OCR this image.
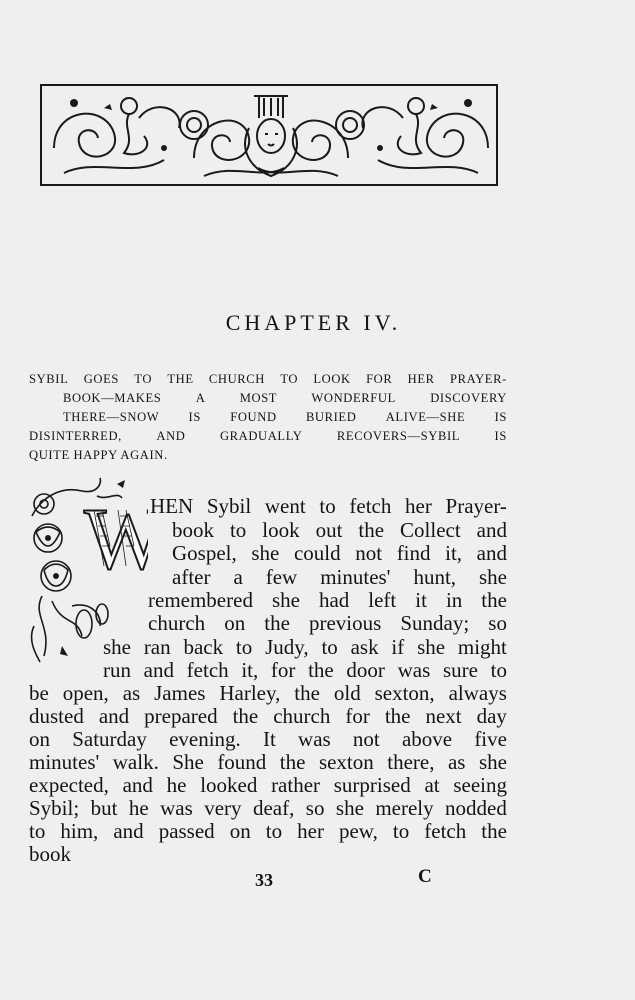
CHAPTER IV.
SYBIL GOES TO THE CHURCH TO LOOK FOR HER PRAYER-
BOOK—MAKES	A	MOST	WONDERFUL	DISCOVERY
THERE—SNOW IS FOUND BURIED ALIVE—SHE IS
DISINTERRED,	AND	GRADUALLY	RECOVERS—SYBIL	IS
QUITE HAPPY AGAIN.
W
HEN Sybil went to fetch her Prayer-
book to look out the Collect and
Gospel, she could not find it, and
after a few minutes' hunt, she
remembered she had left it in the
church on the previous Sunday; so
she ran back to Judy, to ask if she might
run and fetch it, for the door was sure to
be open, as James Harley, the old sexton, always
dusted and prepared the church for the next day
on Saturday evening. It was not above five
minutes' walk. She found the sexton there, as she
expected, and he looked rather surprised at seeing
Sybil; but he was very deaf, so she merely nodded
to him, and passed on to her pew, to fetch the
book
33	C
